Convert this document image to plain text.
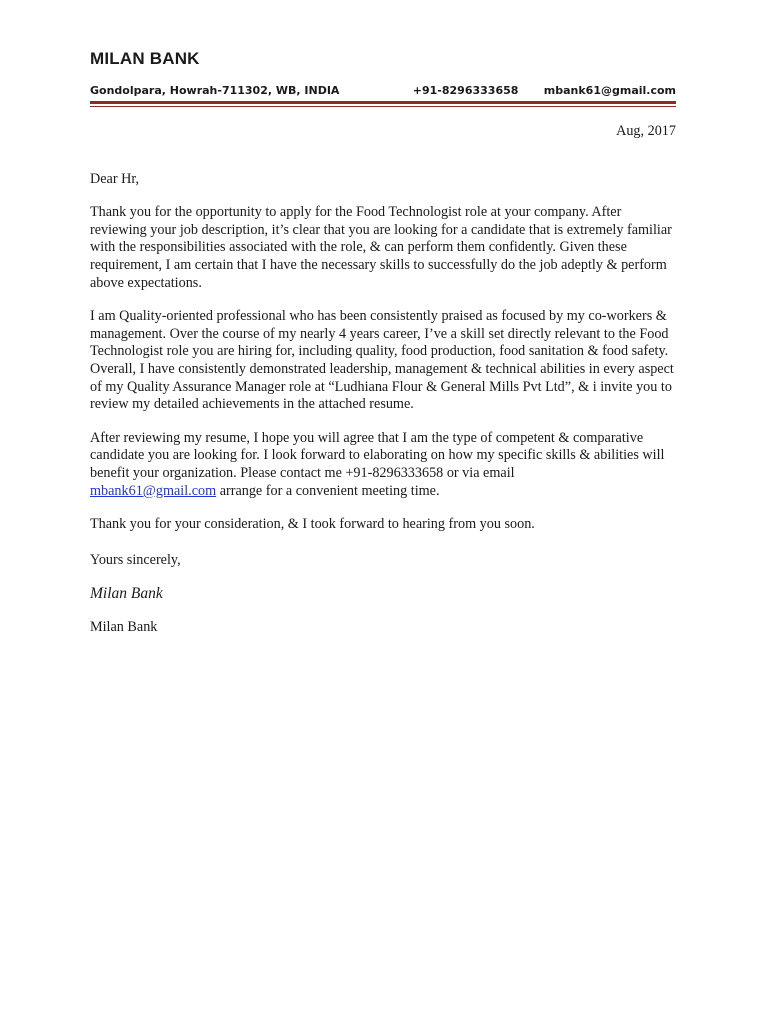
MILAN BANK
Gondolpara, Howrah-711302, WB, INDIA	+91-8296333658 mbank61@gmail.com
Aug, 2017
Dear Hr,

Thank you for the opportunity to apply for the Food Technologist role at your company. After reviewing your job description, it’s clear that you are looking for a candidate that is extremely familiar with the responsibilities associated with the role, & can perform them confidently. Given these requirement, I am certain that I have the necessary skills to successfully do the job adeptly & perform above expectations.

I am Quality-oriented professional who has been consistently praised as focused by my co-workers & management. Over the course of my nearly 4 years career, I’ve a skill set directly relevant to the Food Technologist role you are hiring for, including quality, food production, food sanitation & food safety. Overall, I have consistently demonstrated leadership, management & technical abilities in every aspect of my Quality Assurance Manager role at “Ludhiana Flour & General Mills Pvt Ltd”, & i invite you to review my detailed achievements in the attached resume.

After reviewing my resume, I hope you will agree that I am the type of competent & comparative candidate you are looking for. I look forward to elaborating on how my specific skills & abilities will benefit your organization. Please contact me +91-8296333658 or via email
mbank61@gmail.com arrange for a convenient meeting time.

Thank you for your consideration, & I took forward to hearing from you soon.

Yours sincerely,
Milan Bank
Milan Bank
